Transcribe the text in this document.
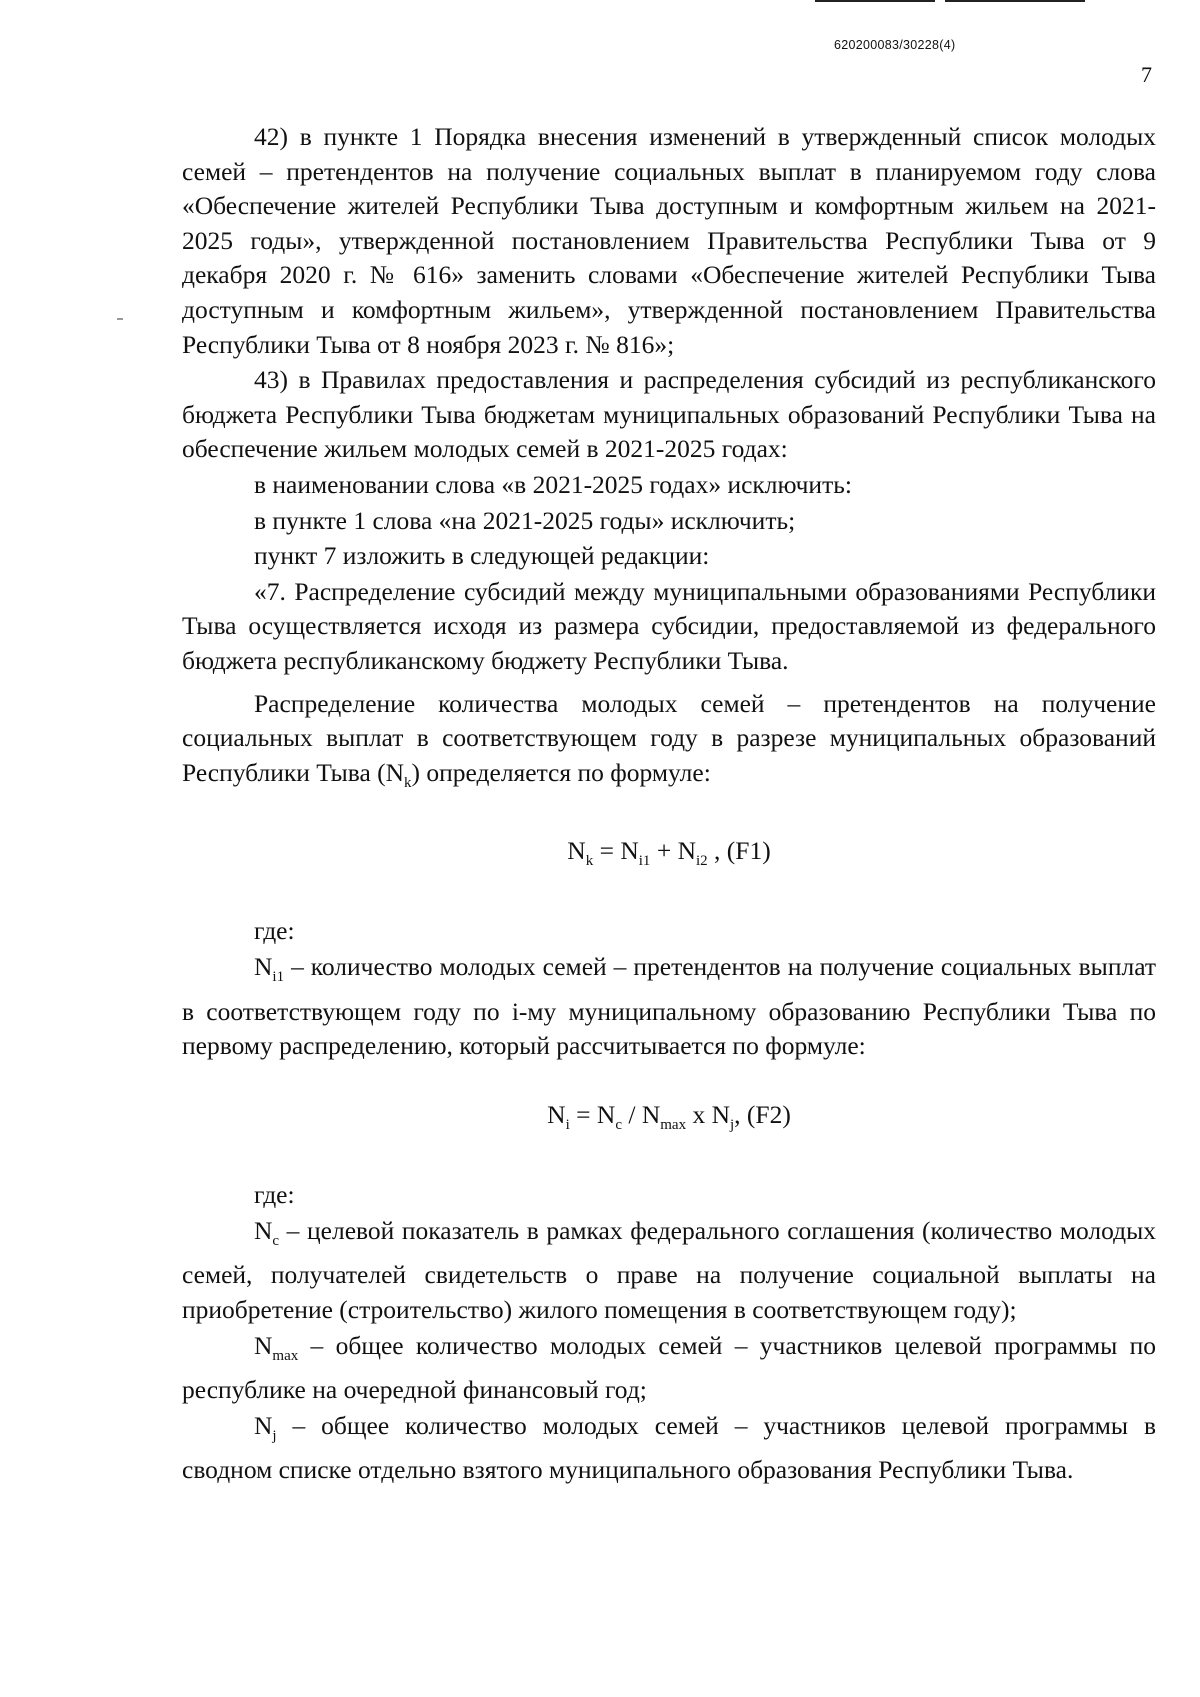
620200083/30228(4)
7

42) в пункте 1 Порядка внесения изменений в утвержденный список молодых семей – претендентов на получение социальных выплат в планируемом году слова «Обеспечение жителей Республики Тыва доступным и комфортным жильем на 2021-2025 годы», утвержденной постановлением Правительства Республики Тыва от 9 декабря 2020 г. № 616» заменить словами «Обеспечение жителей Республики Тыва доступным и комфортным жильем», утвержденной постановлением Правительства Республики Тыва от 8 ноября 2023 г. № 816»;

43) в Правилах предоставления и распределения субсидий из республиканского бюджета Республики Тыва бюджетам муниципальных образований Республики Тыва на обеспечение жильем молодых семей в 2021-2025 годах:

в наименовании слова «в 2021-2025 годах» исключить:

в пункте 1 слова «на 2021-2025 годы» исключить;

пункт 7 изложить в следующей редакции:

«7. Распределение субсидий между муниципальными образованиями Республики Тыва осуществляется исходя из размера субсидии, предоставляемой из федерального бюджета республиканскому бюджету Республики Тыва.

Распределение количества молодых семей – претендентов на получение социальных выплат в соответствующем году в разрезе муниципальных образований Республики Тыва $(N_k)$ определяется по формуле:

$N_k = N_{i1} + N_{i2}$ , (F1)

где:

$N_{i1}$ – количество молодых семей – претендентов на получение социальных выплат в соответствующем году по i-му муниципальному образованию Республики Тыва по первому распределению, который рассчитывается по формуле:

$N_i = N_c / N_{max}$ x $N_j$, (F2)

где:

$N_c$ – целевой показатель в рамках федерального соглашения (количество молодых семей, получателей свидетельств о праве на получение социальной выплаты на приобретение (строительство) жилого помещения в соответствующем году);

$N_{max}$ – общее количество молодых семей – участников целевой программы по республике на очередной финансовый год;

$N_j$ – общее количество молодых семей – участников целевой программы в сводном списке отдельно взятого муниципального образования Республики Тыва.
